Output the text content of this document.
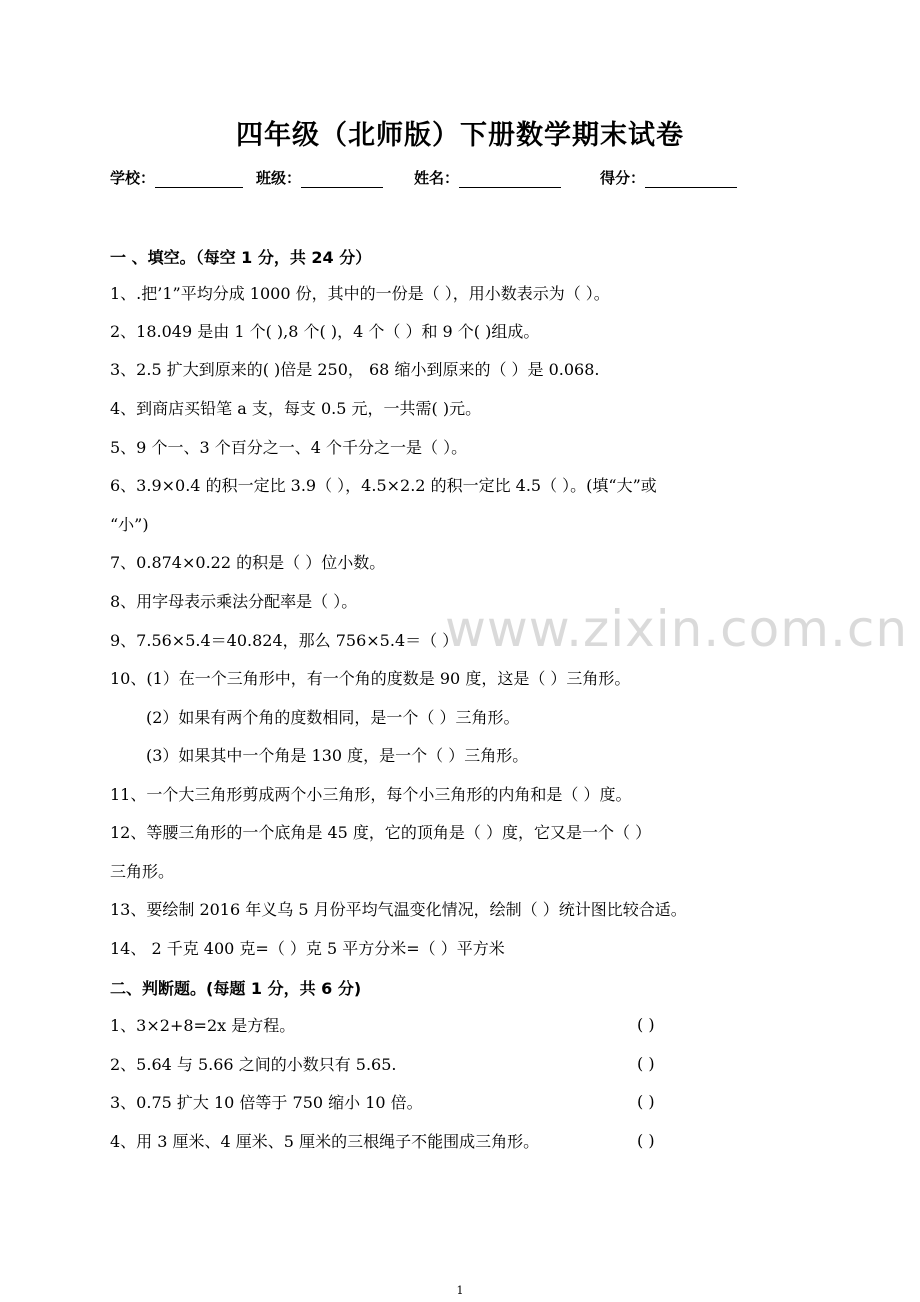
四年级（北师版）下册数学期末试卷
学校：	班级：	姓名：	得分：
www.zixin.com.cn
一 、填空。（每空 1 分，共 24 分）
1、.把’1”平均分成 1000 份，其中的一份是（ ），用小数表示为（ ）。
2、18.049 是由 1 个( ),8 个( )，4 个（ ）和 9 个( )组成。
3、2.5 扩大到原来的( )倍是 250， 68 缩小到原来的（ ）是 0.068.
4、到商店买铅笔 a 支，每支 0.5 元，一共需( )元。
5、9 个一、3 个百分之一、4 个千分之一是（ ）。
6、3.9×0.4 的积一定比 3.9（ ），4.5×2.2 的积一定比 4.5（ ）。(填“大”或
“小”)
7、0.874×0.22 的积是（ ）位小数。
8、用字母表示乘法分配率是（ ）。
9、7.56×5.4＝40.824，那么 756×5.4＝（ ）
10、(1）在一个三角形中，有一个角的度数是 90 度，这是（ ）三角形。
(2）如果有两个角的度数相同，是一个（ ）三角形。
(3）如果其中一个角是 130 度，是一个（ ）三角形。
11、一个大三角形剪成两个小三角形，每个小三角形的内角和是（ ）度。
12、等腰三角形的一个底角是 45 度，它的顶角是（ ）度，它又是一个（ ）
三角形。
13、要绘制 2016 年义乌 5 月份平均气温变化情况，绘制（ ）统计图比较合适。
14、 2 千克 400 克=（ ）克 5 平方分米=（ ）平方米
二、判断题。(每题 1 分，共 6 分)
1、3×2+8=2x 是方程。	( )
2、5.64 与 5.66 之间的小数只有 5.65.	( )
3、0.75 扩大 10 倍等于 750 缩小 10 倍。	( )
4、用 3 厘米、4 厘米、5 厘米的三根绳子不能围成三角形。	( )
1
